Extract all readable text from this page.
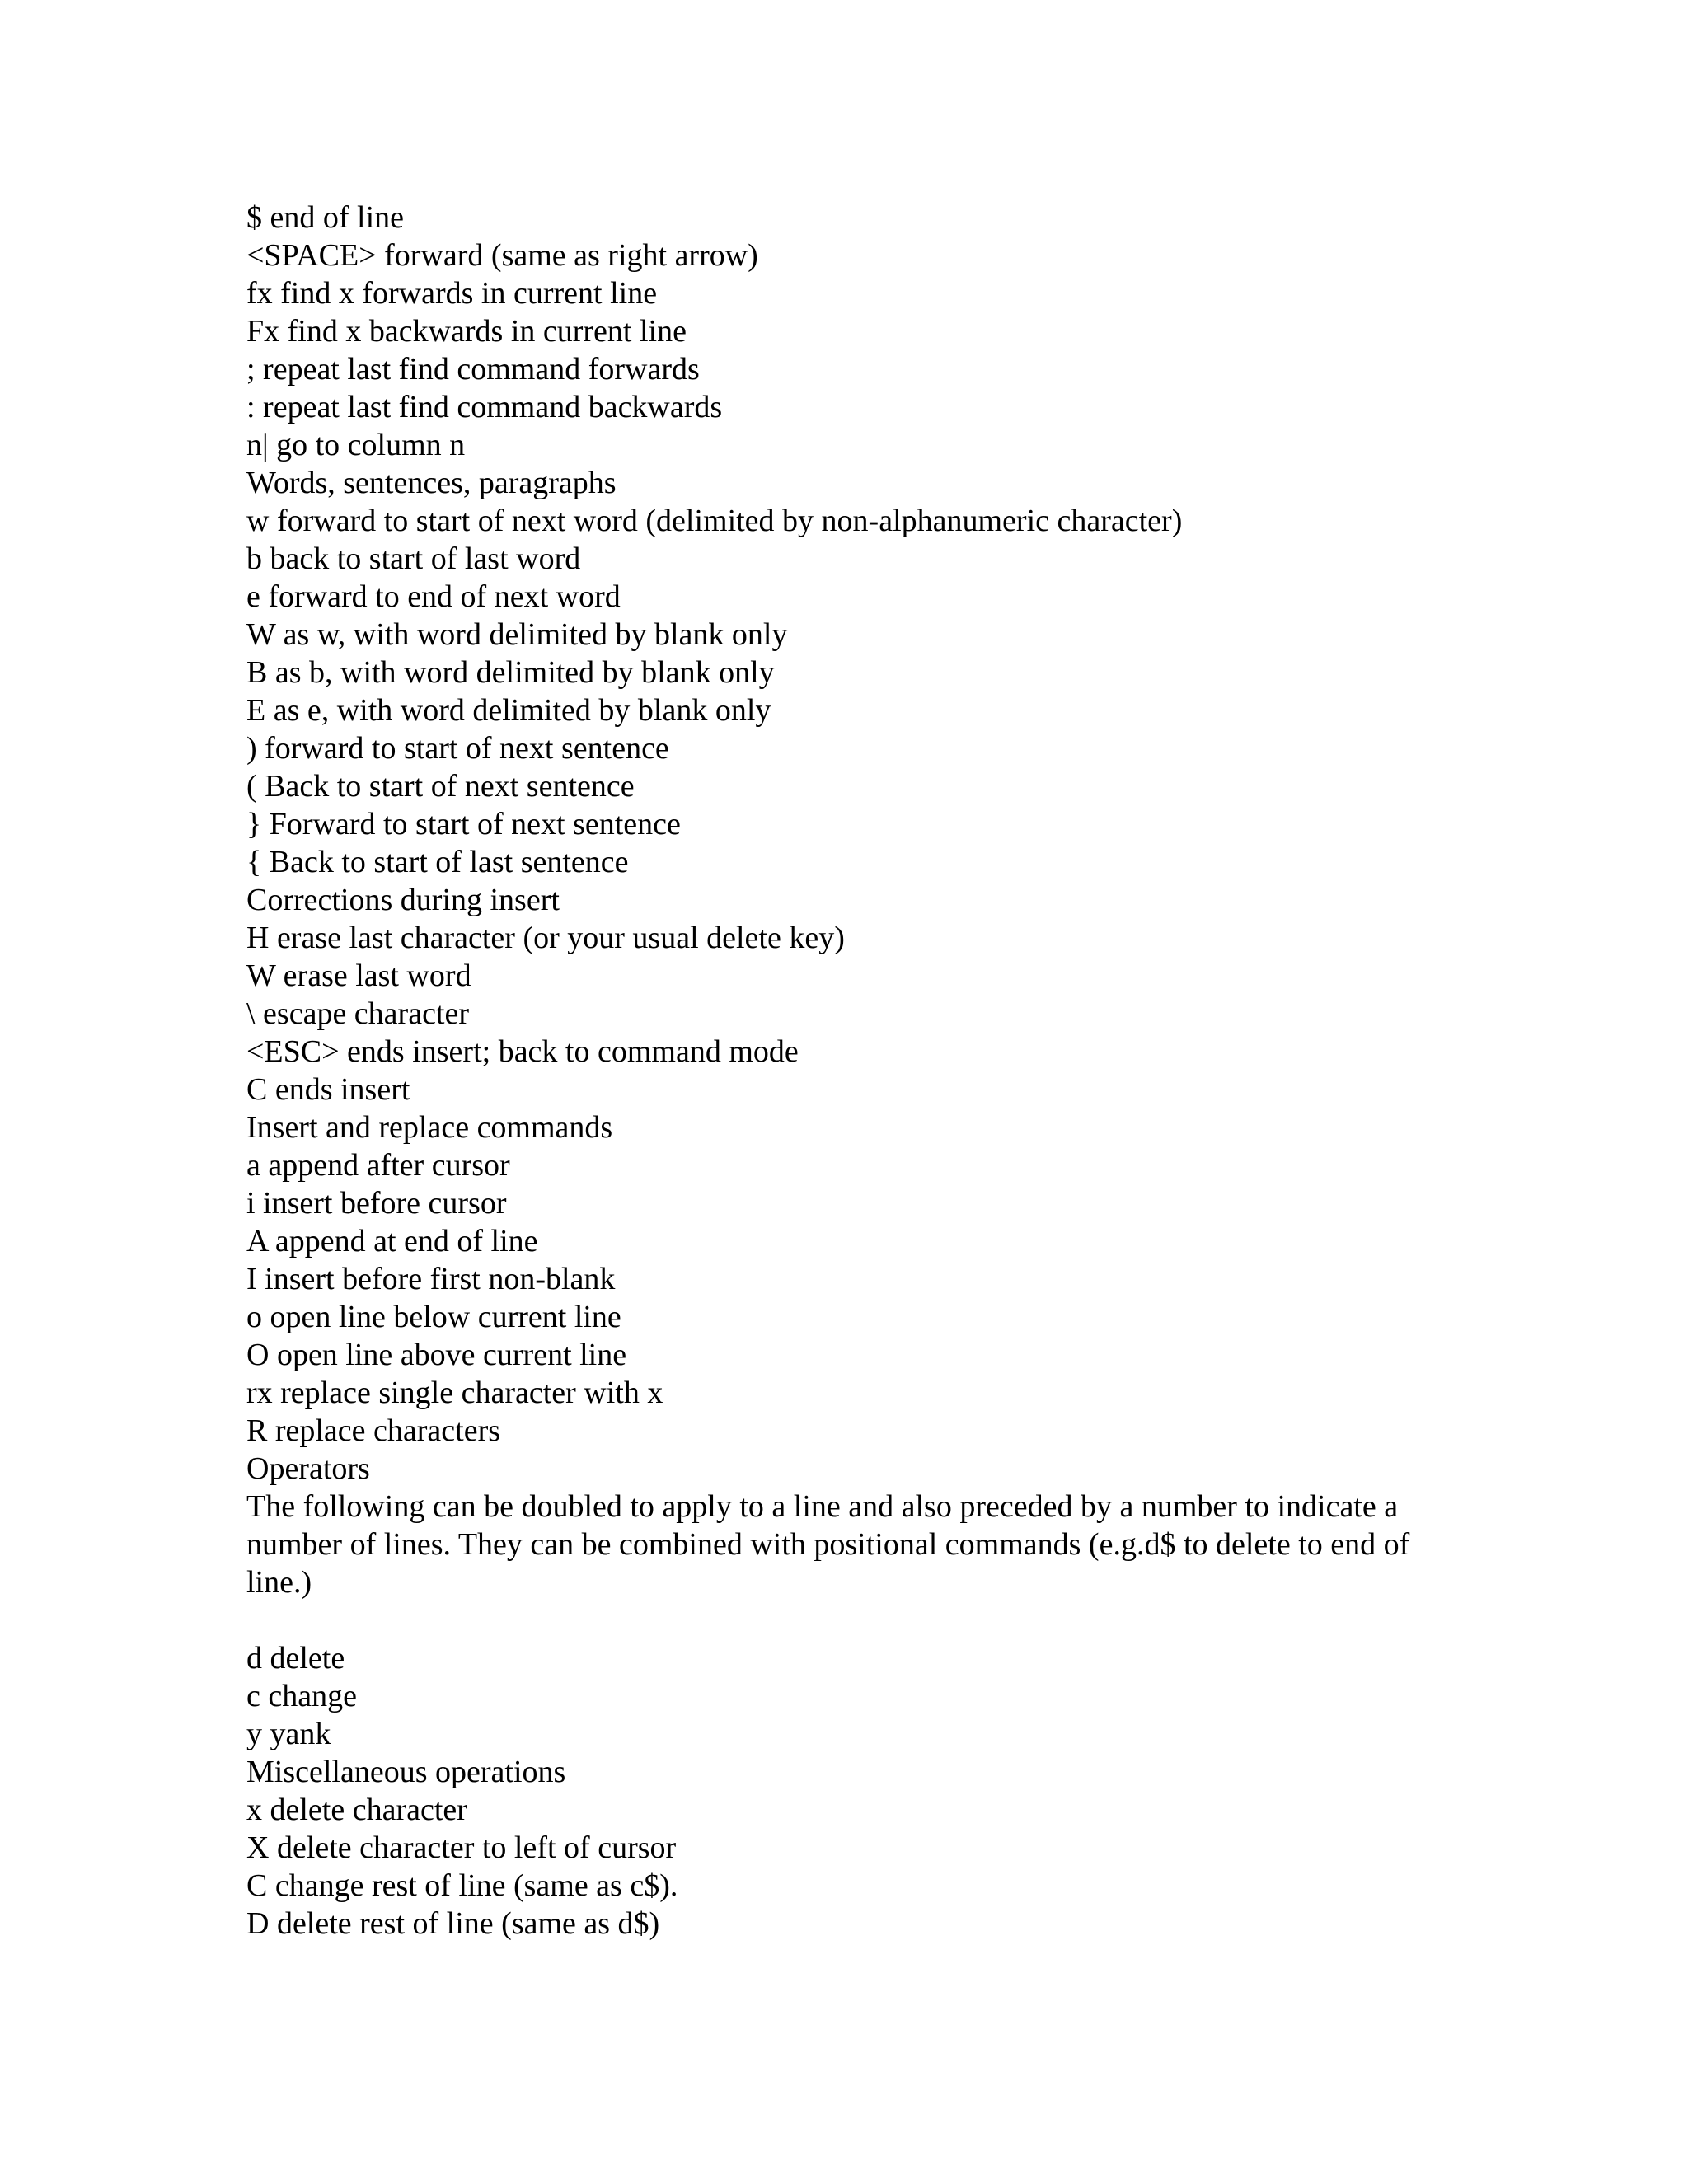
$ end of line
<SPACE> forward (same as right arrow)
fx find x forwards in current line
Fx find x backwards in current line
; repeat last find command forwards
: repeat last find command backwards
n| go to column n
Words, sentences, paragraphs
w forward to start of next word (delimited by non-alphanumeric character)
b back to start of last word
e forward to end of next word
W as w, with word delimited by blank only
B as b, with word delimited by blank only
E as e, with word delimited by blank only
) forward to start of next sentence
( Back to start of next sentence
} Forward to start of next sentence
{ Back to start of last sentence
Corrections during insert
H erase last character (or your usual delete key)
W erase last word
\ escape character
<ESC> ends insert; back to command mode
C ends insert
Insert and replace commands
a append after cursor
i insert before cursor
A append at end of line
I insert before first non-blank
o open line below current line
O open line above current line
rx replace single character with x
R replace characters
Operators
The following can be doubled to apply to a line and also preceded by a number to indicate a number of lines. They can be combined with positional commands (e.g.d$ to delete to end of line.)
d delete
c change
y yank
Miscellaneous operations
x delete character
X delete character to left of cursor
C change rest of line (same as c$).
D delete rest of line (same as d$)
